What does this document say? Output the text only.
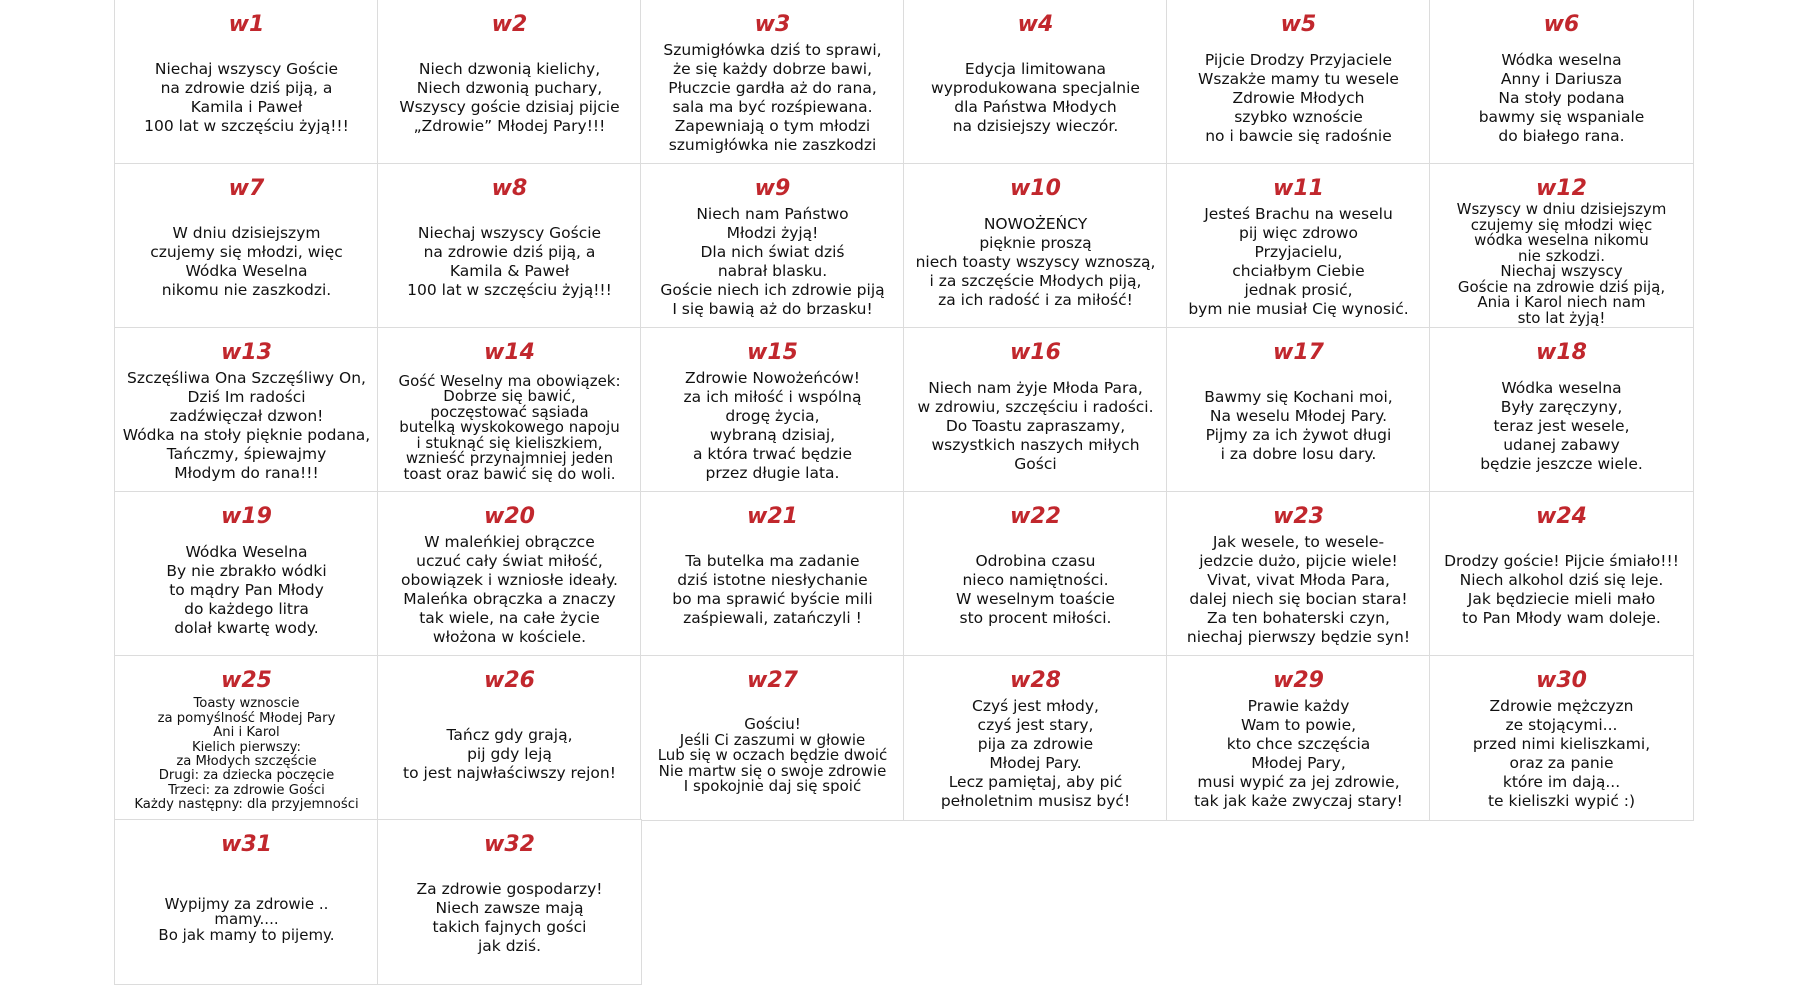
w1
Niechaj wszyscy Goście
na zdrowie dziś piją, a
Kamila i Paweł
100 lat w szczęściu żyją!!!
w2
Niech dzwonią kielichy,
Niech dzwonią puchary,
Wszyscy goście dzisiaj pijcie
„Zdrowie” Młodej Pary!!!
w3
Szumigłówka dziś to sprawi,
że się każdy dobrze bawi,
Płuczcie gardła aż do rana,
sala ma być rozśpiewana.
Zapewniają o tym młodzi
szumigłówka nie zaszkodzi
w4
Edycja limitowana
wyprodukowana specjalnie
dla Państwa Młodych
na dzisiejszy wieczór.
w5
Pijcie Drodzy Przyjaciele
Wszakże mamy tu wesele
Zdrowie Młodych
szybko wznoście
no i bawcie się radośnie
w6
Wódka weselna
Anny i Dariusza
Na stoły podana
bawmy się wspaniale
do białego rana.
w7
W dniu dzisiejszym
czujemy się młodzi, więc
Wódka Weselna
nikomu nie zaszkodzi.
w8
Niechaj wszyscy Goście
na zdrowie dziś piją, a
Kamila & Paweł
100 lat w szczęściu żyją!!!
w9
Niech nam Państwo
Młodzi żyją!
Dla nich świat dziś
nabrał blasku.
Goście niech ich zdrowie piją
I się bawią aż do brzasku!
w10
NOWOŻEŃCY
pięknie proszą
niech toasty wszyscy wznoszą,
i za szczęście Młodych piją,
za ich radość i za miłość!
w11
Jesteś Brachu na weselu
pij więc zdrowo
Przyjacielu,
chciałbym Ciebie
jednak prosić,
bym nie musiał Cię wynosić.
w12
Wszyscy w dniu dzisiejszym
czujemy się młodzi więc
wódka weselna nikomu
nie szkodzi.
Niechaj wszyscy
Goście na zdrowie dziś piją,
Ania i Karol niech nam
sto lat żyją!
w13
Szczęśliwa Ona Szczęśliwy On,
Dziś Im radości
zadźwięczał dzwon!
Wódka na stoły pięknie podana,
Tańczmy, śpiewajmy
Młodym do rana!!!
w14
Gość Weselny ma obowiązek:
Dobrze się bawić,
poczęstować sąsiada
butelką wyskokowego napoju
i stuknąć się kieliszkiem,
wznieść przynajmniej jeden
toast oraz bawić się do woli.
w15
Zdrowie Nowożeńców!
za ich miłość i wspólną
drogę życia,
wybraną dzisiaj,
a która trwać będzie
przez długie lata.
w16
Niech nam żyje Młoda Para,
w zdrowiu, szczęściu i radości.
Do Toastu zapraszamy,
wszystkich naszych miłych
Gości
w17
Bawmy się Kochani moi,
Na weselu Młodej Pary.
Pijmy za ich żywot długi
i za dobre losu dary.
w18
Wódka weselna
Były zaręczyny,
teraz jest wesele,
udanej zabawy
będzie jeszcze wiele.
w19
Wódka Weselna
By nie zbrakło wódki
to mądry Pan Młody
do każdego litra
dolał kwartę wody.
w20
W maleńkiej obrączce
uczuć cały świat miłość,
obowiązek i wzniosłe ideały.
Maleńka obrączka a znaczy
tak wiele, na całe życie
włożona w kościele.
w21
Ta butelka ma zadanie
dziś istotne niesłychanie
bo ma sprawić byście mili
zaśpiewali, zatańczyli !
w22
Odrobina czasu
nieco namiętności.
W weselnym toaście
sto procent miłości.
w23
Jak wesele, to wesele-
jedzcie dużo, pijcie wiele!
Vivat, vivat Młoda Para,
dalej niech się bocian stara!
Za ten bohaterski czyn,
niechaj pierwszy będzie syn!
w24
Drodzy goście! Pijcie śmiało!!!
Niech alkohol dziś się leje.
Jak będziecie mieli mało
to Pan Młody wam doleje.
w25
Toasty wznoscie
za pomyślność Młodej Pary
Ani i Karol
Kielich pierwszy:
za Młodych szczęście
Drugi: za dziecka poczęcie
Trzeci: za zdrowie Gości
Każdy następny: dla przyjemności
w26
Tańcz gdy grają,
pij gdy leją
to jest najwłaściwszy rejon!
w27
Gościu!
Jeśli Ci zaszumi w głowie
Lub się w oczach będzie dwoić
Nie martw się o swoje zdrowie
I spokojnie daj się spoić
w28
Czyś jest młody,
czyś jest stary,
pija za zdrowie
Młodej Pary.
Lecz pamiętaj, aby pić
pełnoletnim musisz być!
w29
Prawie każdy
Wam to powie,
kto chce szczęścia
Młodej Pary,
musi wypić za jej zdrowie,
tak jak każe zwyczaj stary!
w30
Zdrowie mężczyzn
ze stojącymi...
przed nimi kieliszkami,
oraz za panie
które im dają...
te kieliszki wypić :)
w31
Wypijmy za zdrowie ..
mamy....
Bo jak mamy to pijemy.
w32
Za zdrowie gospodarzy!
Niech zawsze mają
takich fajnych gości
jak dziś.
